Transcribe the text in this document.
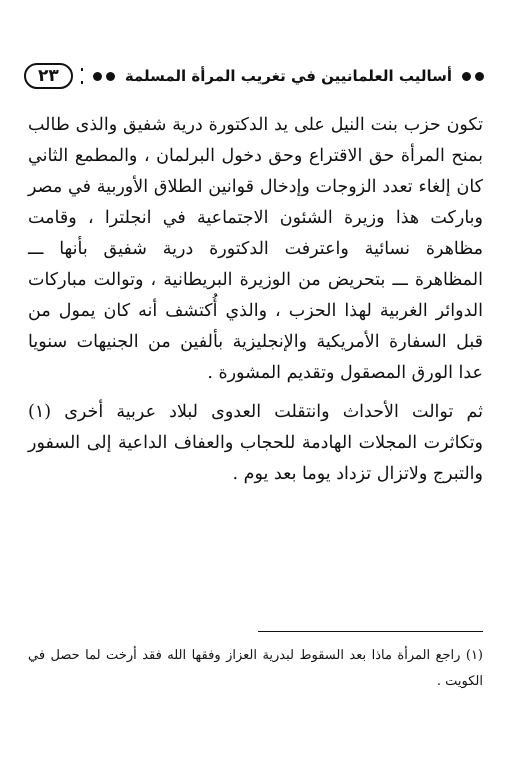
أساليب العلمانيين في تغريب المرأة المسلمة
٢٣

تكون حزب بنت النيل على يد الدكتورة درية شفيق والذى طالب بمنح المرأة حق الاقتراع وحق دخول البرلمان ، والمطمع الثاني كان إلغاء تعدد الزوجات وإدخال قوانين الطلاق الأوربية في مصر وباركت هذا وزيرة الشئون الاجتماعية في انجلترا ، وقامت مظاهرة نسائية واعترفت الدكتورة درية شفيق بأنها ـــ المظاهرة ـــ بتحريض من الوزيرة البريطانية ، وتوالت مباركات الدوائر الغربية لهذا الحزب ، والذي أُكتشف أنه كان يمول من قبل السفارة الأمريكية والإنجليزية بألفين من الجنيهات سنويا عدا الورق المصقول وتقديم المشورة .

ثم توالت الأحداث وانتقلت العدوى لبلاد عربية أخرى (١) وتكاثرت المجلات الهادمة للحجاب والعفاف الداعية إلى السفور والتبرج ولاتزال تزداد يوما بعد يوم .

(١) راجع المرأة ماذا بعد السقوط لبدرية العزاز وفقها الله فقد أرخت لما حصل في الكويت .
